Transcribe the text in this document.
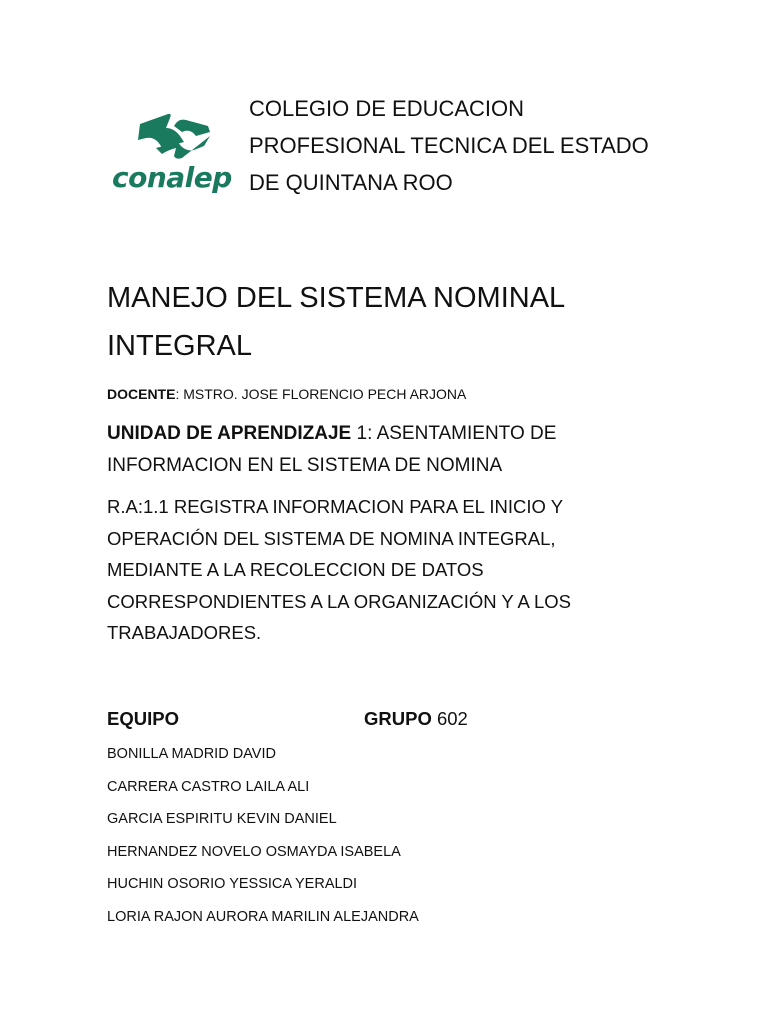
conalep
COLEGIO DE EDUCACION
PROFESIONAL TECNICA DEL ESTADO
DE QUINTANA ROO
MANEJO DEL SISTEMA NOMINAL
INTEGRAL
DOCENTE: MSTRO. JOSE FLORENCIO PECH ARJONA
UNIDAD DE APRENDIZAJE 1: ASENTAMIENTO DE
INFORMACION EN EL SISTEMA DE NOMINA
R.A:1.1 REGISTRA INFORMACION PARA EL INICIO Y
OPERACIÓN DEL SISTEMA DE NOMINA INTEGRAL,
MEDIANTE A LA RECOLECCION DE DATOS
CORRESPONDIENTES A LA ORGANIZACIÓN Y A LOS
TRABAJADORES.
EQUIPO	GRUPO 602
BONILLA MADRID DAVID
CARRERA CASTRO LAILA ALI
GARCIA ESPIRITU KEVIN DANIEL
HERNANDEZ NOVELO OSMAYDA ISABELA
HUCHIN OSORIO YESSICA YERALDI
LORIA RAJON AURORA MARILIN ALEJANDRA
